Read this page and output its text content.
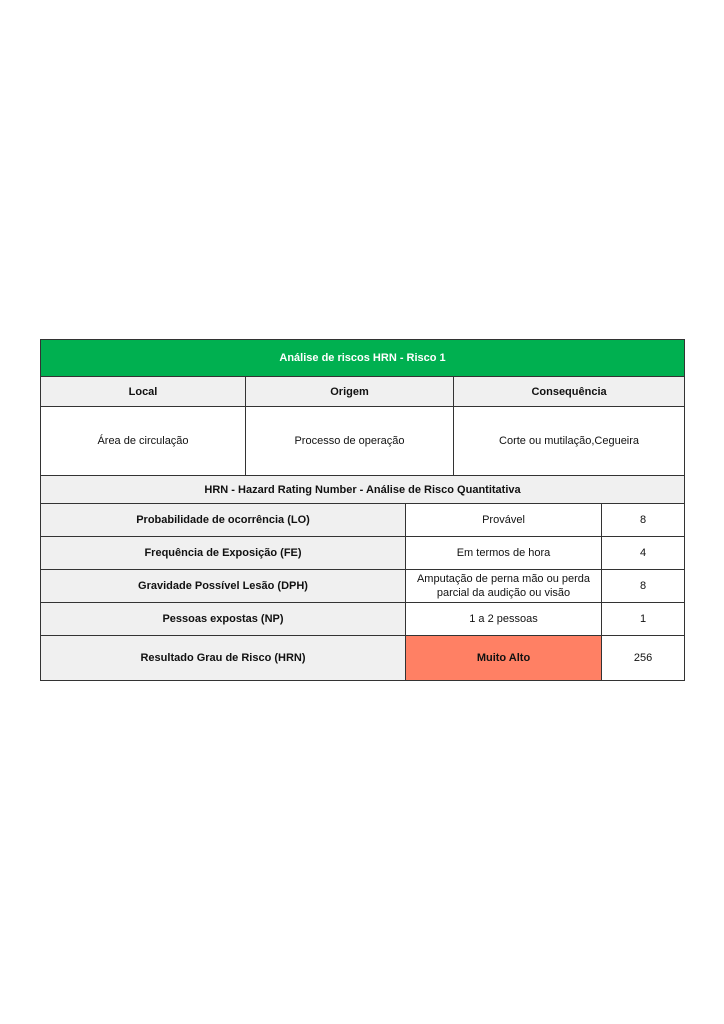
Análise de riscos HRN - Risco 1				
Local	Origem		Consequência	
Área de circulação	Processo de operação		Corte ou mutilação,Cegueira	
HRN - Hazard Rating Number - Análise de Risco Quantitativa				
Probabilidade de ocorrência (LO)		Provável		8
Frequência de Exposição (FE)		Em termos de hora		4
Gravidade Possível Lesão (DPH)		Amputação de perna mão ou perda parcial da audição ou visão		8
Pessoas expostas (NP)		1 a 2 pessoas		1
Resultado Grau de Risco (HRN)		Muito Alto		256
